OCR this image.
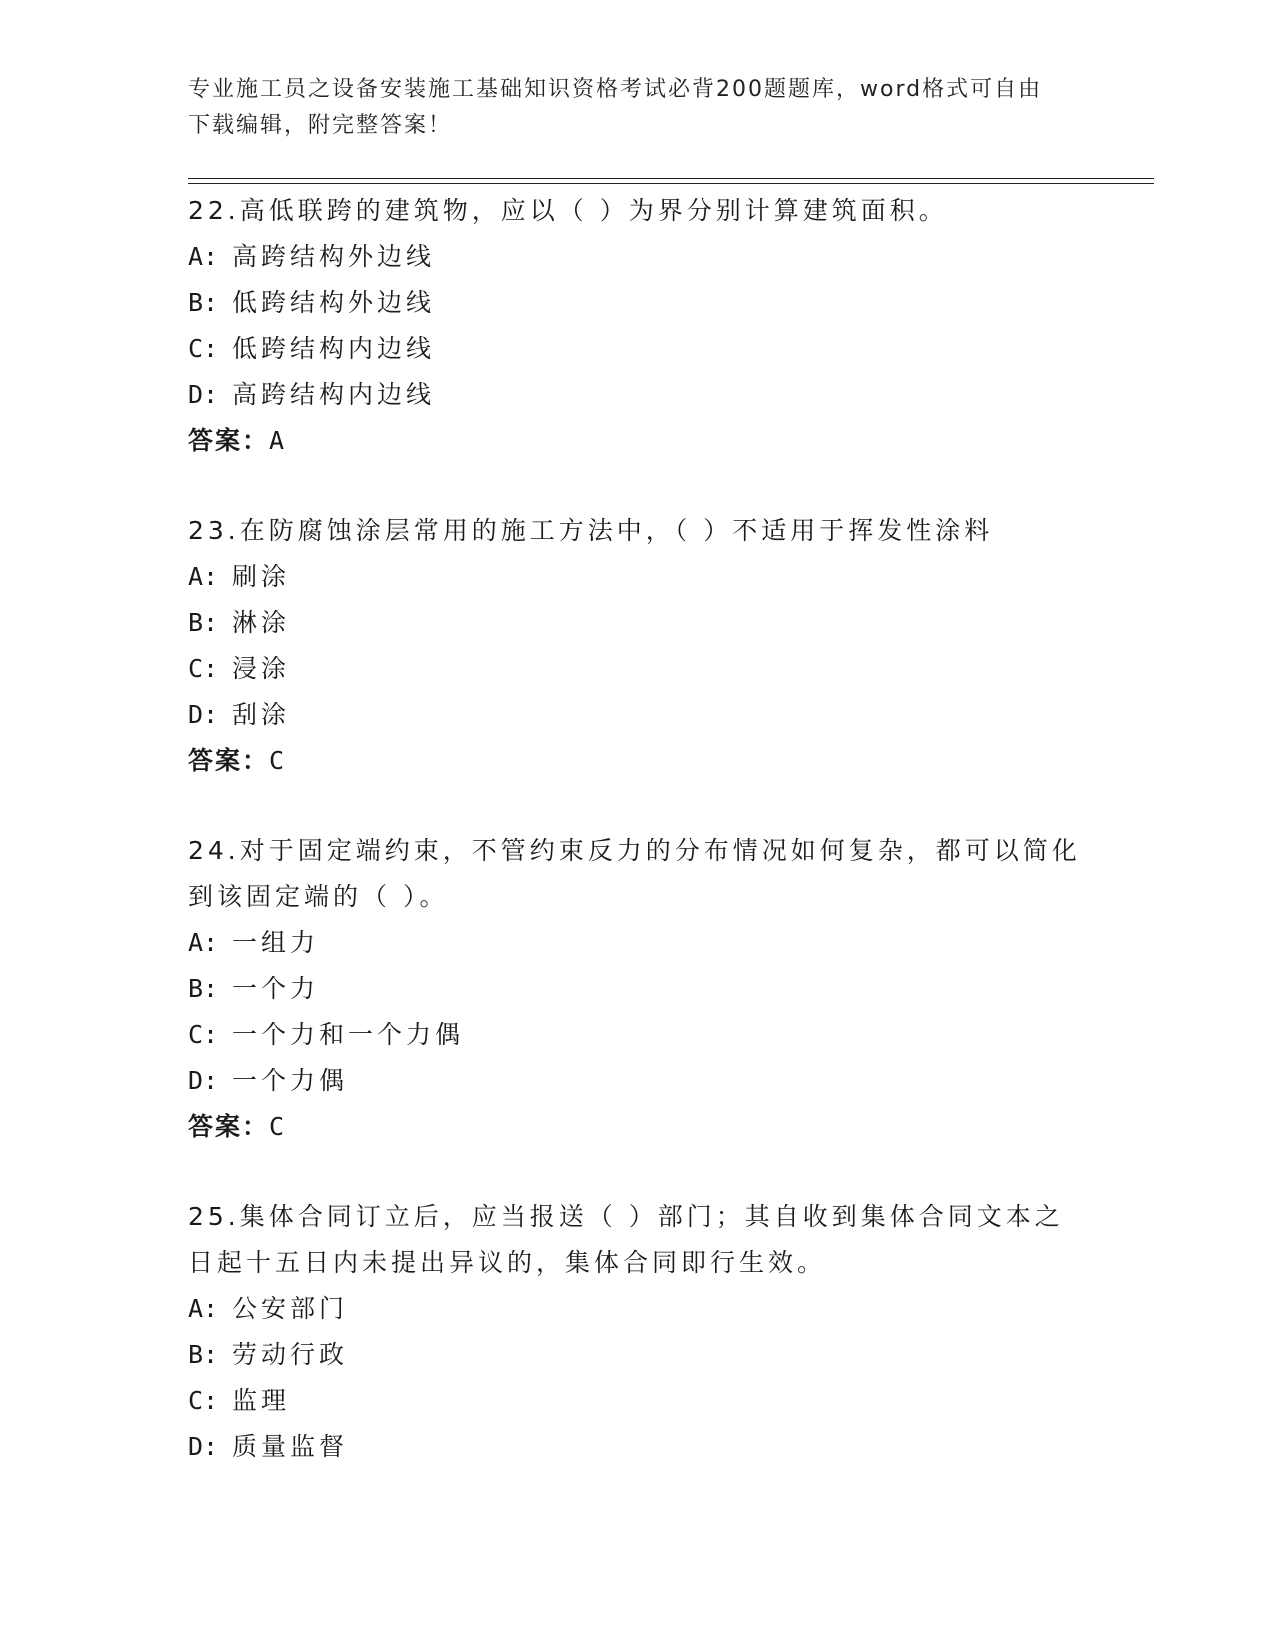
专业施工员之设备安装施工基础知识资格考试必背200题题库，word格式可自由
下载编辑，附完整答案！
22.高低联跨的建筑物，应以（ ）为界分别计算建筑面积。
A: 高跨结构外边线
B: 低跨结构外边线
C: 低跨结构内边线
D: 高跨结构内边线
答案：A
23.在防腐蚀涂层常用的施工方法中，（ ）不适用于挥发性涂料
A: 刷涂
B: 淋涂
C: 浸涂
D: 刮涂
答案：C
24.对于固定端约束，不管约束反力的分布情况如何复杂，都可以简化
到该固定端的（ ）。
A: 一组力
B: 一个力
C: 一个力和一个力偶
D: 一个力偶
答案：C
25.集体合同订立后，应当报送（ ）部门；其自收到集体合同文本之
日起十五日内未提出异议的，集体合同即行生效。
A: 公安部门
B: 劳动行政
C: 监理
D: 质量监督
